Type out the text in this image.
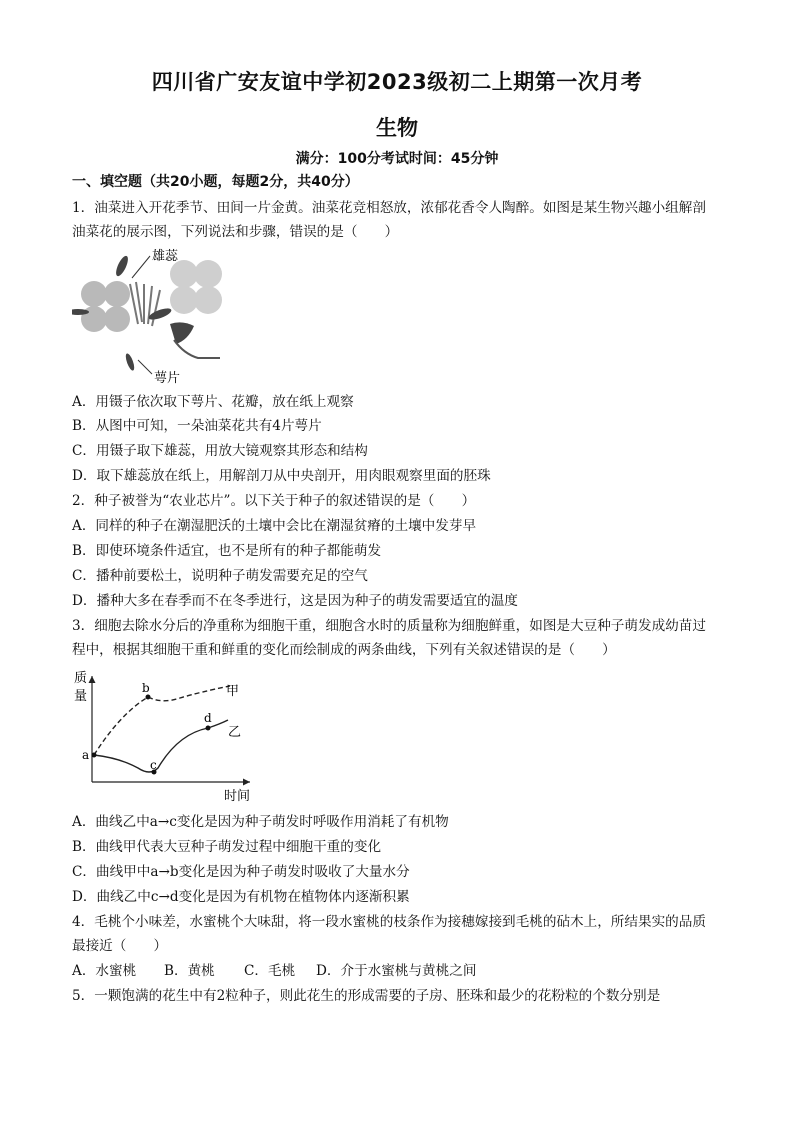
四川省广安友谊中学初2023级初二上期第一次月考
生物
满分：100分考试时间：45分钟
一、填空题（共20小题，每题2分，共40分）
1．油菜进入开花季节、田间一片金黄。油菜花竞相怒放，浓郁花香令人陶醉。如图是某生物兴趣小组解剖
油菜花的展示图，下列说法和步骤，错误的是（　　）
雄蕊
萼片
A．用镊子依次取下萼片、花瓣，放在纸上观察
B．从图中可知，一朵油菜花共有4片萼片
C．用镊子取下雄蕊，用放大镜观察其形态和结构
D．取下雄蕊放在纸上，用解剖刀从中央剖开，用肉眼观察里面的胚珠
2．种子被誉为“农业芯片”。以下关于种子的叙述错误的是（　　）
A．同样的种子在潮湿肥沃的土壤中会比在潮湿贫瘠的土壤中发芽早
B．即使环境条件适宜，也不是所有的种子都能萌发
C．播种前要松土，说明种子萌发需要充足的空气
D．播种大多在春季而不在冬季进行，这是因为种子的萌发需要适宜的温度
3．细胞去除水分后的净重称为细胞干重，细胞含水时的质量称为细胞鲜重，如图是大豆种子萌发成幼苗过
程中，根据其细胞干重和鲜重的变化而绘制成的两条曲线，下列有关叙述错误的是（　　）
质
量
时间
a
b
c
d
甲
乙
A．曲线乙中a→c变化是因为种子萌发时呼吸作用消耗了有机物
B．曲线甲代表大豆种子萌发过程中细胞干重的变化
C．曲线甲中a→b变化是因为种子萌发时吸收了大量水分
D．曲线乙中c→d变化是因为有机物在植物体内逐渐积累
4．毛桃个小味差，水蜜桃个大味甜，将一段水蜜桃的枝条作为接穗嫁接到毛桃的砧木上，所结果实的品质
最接近（　　）
A．水蜜桃 B．黄桃 C．毛桃 D．介于水蜜桃与黄桃之间
5．一颗饱满的花生中有2粒种子，则此花生的形成需要的子房、胚珠和最少的花粉粒的个数分别是
